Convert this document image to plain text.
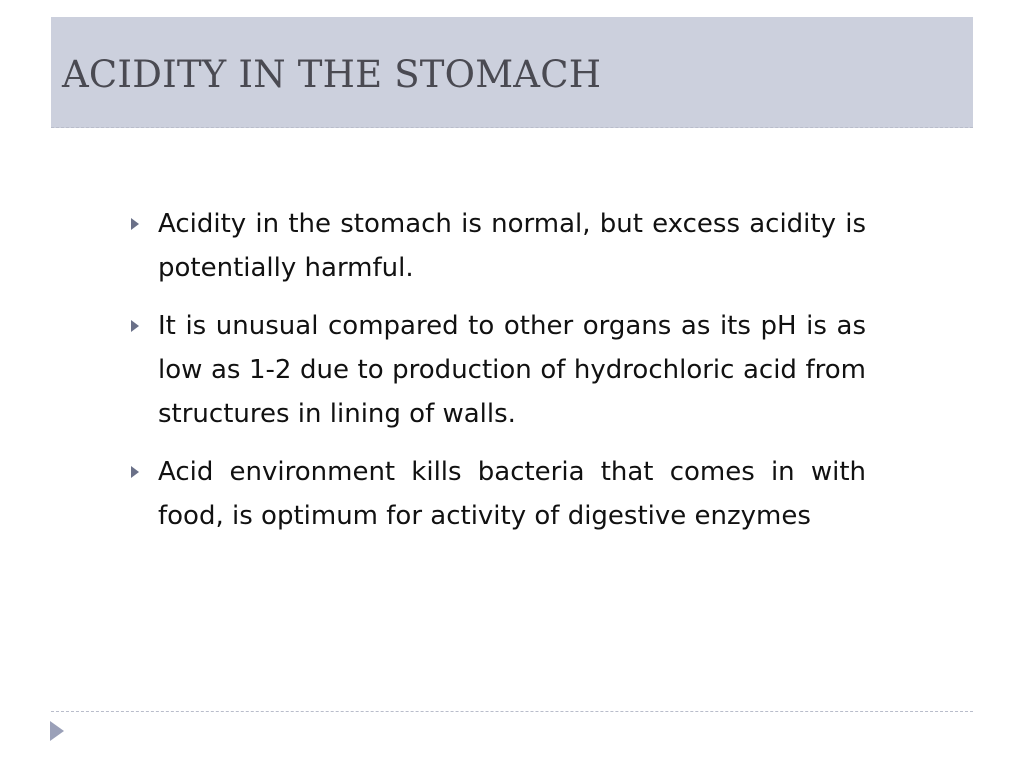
ACIDITY IN THE STOMACH
Acidity in the stomach is normal, but excess acidity is potentially harmful.
It is unusual compared to other organs as its pH is as low as 1-2 due to production of hydrochloric acid from structures in lining of walls.
Acid environment kills bacteria that comes in with food, is optimum for activity of digestive enzymes
